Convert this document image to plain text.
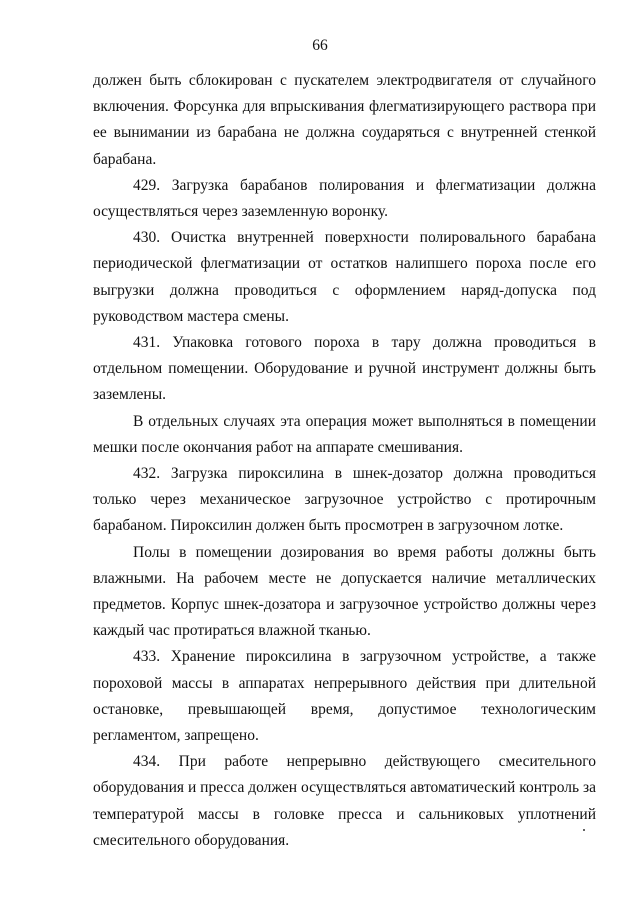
66

должен быть сблокирован с пускателем электродвигателя от случайного включения. Форсунка для впрыскивания флегматизирующего раствора при ее вынимании из барабана не должна соударяться с внутренней стенкой барабана.

429. Загрузка барабанов полирования и флегматизации должна осуществляться через заземленную воронку.

430. Очистка внутренней поверхности полировального барабана периодической флегматизации от остатков налипшего пороха после его выгрузки должна проводиться с оформлением наряд-допуска под руководством мастера смены.

431. Упаковка готового пороха в тару должна проводиться в отдельном помещении. Оборудование и ручной инструмент должны быть заземлены.

В отдельных случаях эта операция может выполняться в помещении мешки после окончания работ на аппарате смешивания.

432. Загрузка пироксилина в шнек-дозатор должна проводиться только через механическое загрузочное устройство с протирочным барабаном. Пироксилин должен быть просмотрен в загрузочном лотке.

Полы в помещении дозирования во время работы должны быть влажными. На рабочем месте не допускается наличие металлических предметов. Корпус шнек-дозатора и загрузочное устройство должны через каждый час протираться влажной тканью.

433. Хранение пироксилина в загрузочном устройстве, а также пороховой массы в аппаратах непрерывного действия при длительной остановке, превышающей время, допустимое технологическим регламентом, запрещено.

434. При работе непрерывно действующего смесительного оборудования и пресса должен осуществляться автоматический контроль за температурой массы в головке пресса и сальниковых уплотнений смесительного оборудования.
